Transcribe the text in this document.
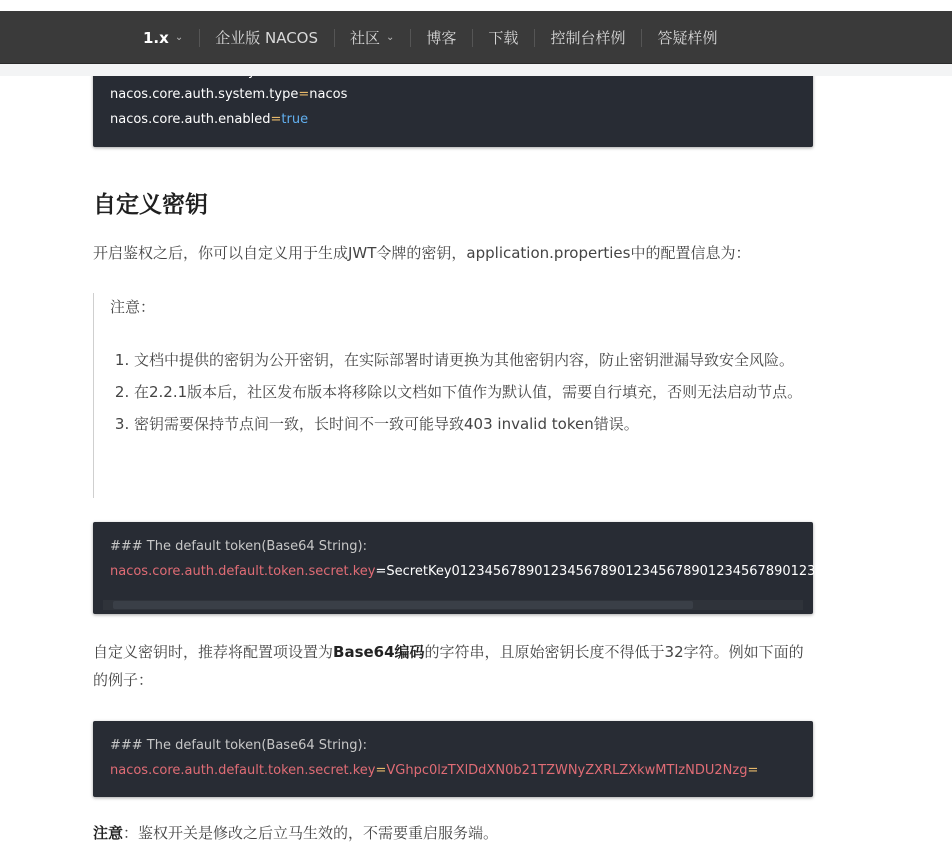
1.x ⌄ 企业版 NACOS 社区 ⌄ 博客 下载 控制台样例 答疑样例
nacos.core.auth.system.type=nacos
nacos.core.auth.enabled=true
自定义密钥

开启鉴权之后，你可以自定义用于生成JWT令牌的密钥，application.properties中的配置信息为：

注意：
1. 文档中提供的密钥为公开密钥，在实际部署时请更换为其他密钥内容，防止密钥泄漏导致安全风险。
2. 在2.2.1版本后，社区发布版本将移除以文档如下值作为默认值，需要自行填充，否则无法启动节点。
3. 密钥需要保持节点间一致，长时间不一致可能导致403 invalid token错误。
### The default token(Base64 String):
nacos.core.auth.default.token.secret.key=SecretKey012345678901234567890123456789012345678901234567890123456789

自定义密钥时，推荐将配置项设置为Base64编码的字符串，且原始密钥长度不得低于32字符。例如下面的的例子：

### The default token(Base64 String):
nacos.core.auth.default.token.secret.key=VGhpc0lzTXlDdXN0b21TZWNyZXRLZXkwMTIzNDU2Nzg=

注意：鉴权开关是修改之后立马生效的，不需要重启服务端。
